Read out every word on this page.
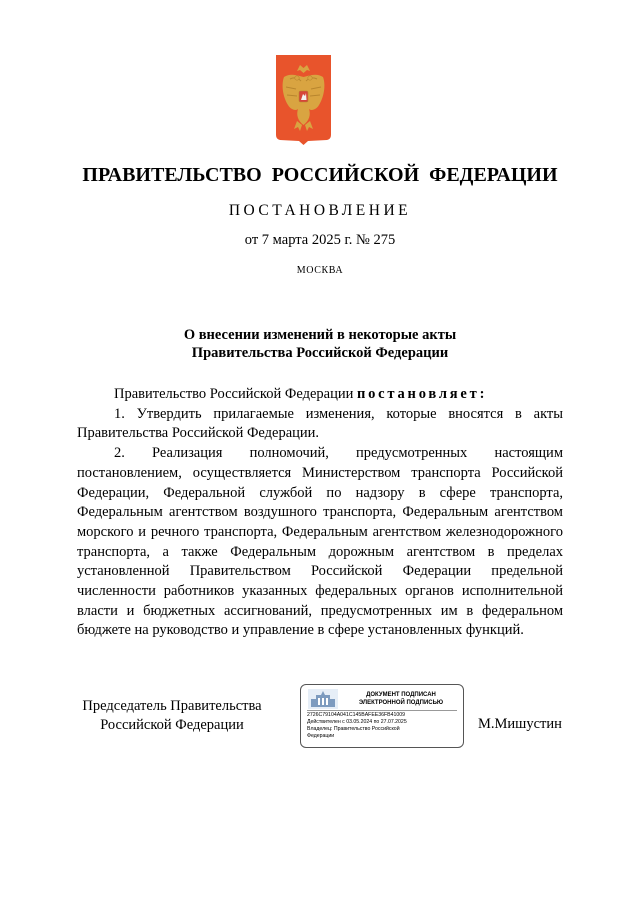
ПРАВИТЕЛЬСТВО РОССИЙСКОЙ ФЕДЕРАЦИИ
ПОСТАНОВЛЕНИЕ
от 7 марта 2025 г. № 275
МОСКВА
О внесении изменений в некоторые акты
Правительства Российской Федерации

Правительство Российской Федерации постановляет:

1. Утвердить прилагаемые изменения, которые вносятся в акты Правительства Российской Федерации.

2. Реализация полномочий, предусмотренных настоящим постановлением, осуществляется Министерством транспорта Российской Федерации, Федеральной службой по надзору в сфере транспорта, Федеральным агентством воздушного транспорта, Федеральным агентством морского и речного транспорта, Федеральным агентством железнодорожного транспорта, а также Федеральным дорожным агентством в пределах установленной Правительством Российской Федерации предельной численности работников указанных федеральных органов исполнительной власти и бюджетных ассигнований, предусмотренных им в федеральном бюджете на руководство и управление в сфере установленных функций.

Председатель Правительства
Российской Федерации
ДОКУМЕНТ ПОДПИСАН
ЭЛЕКТРОННОЙ ПОДПИСЬЮ
2726C79104A041C145BAFEE36FB41009
Действителен с 03.05.2024 по 27.07.2025
Владелец: Правительство Российской
Федерации
М.Мишустин
